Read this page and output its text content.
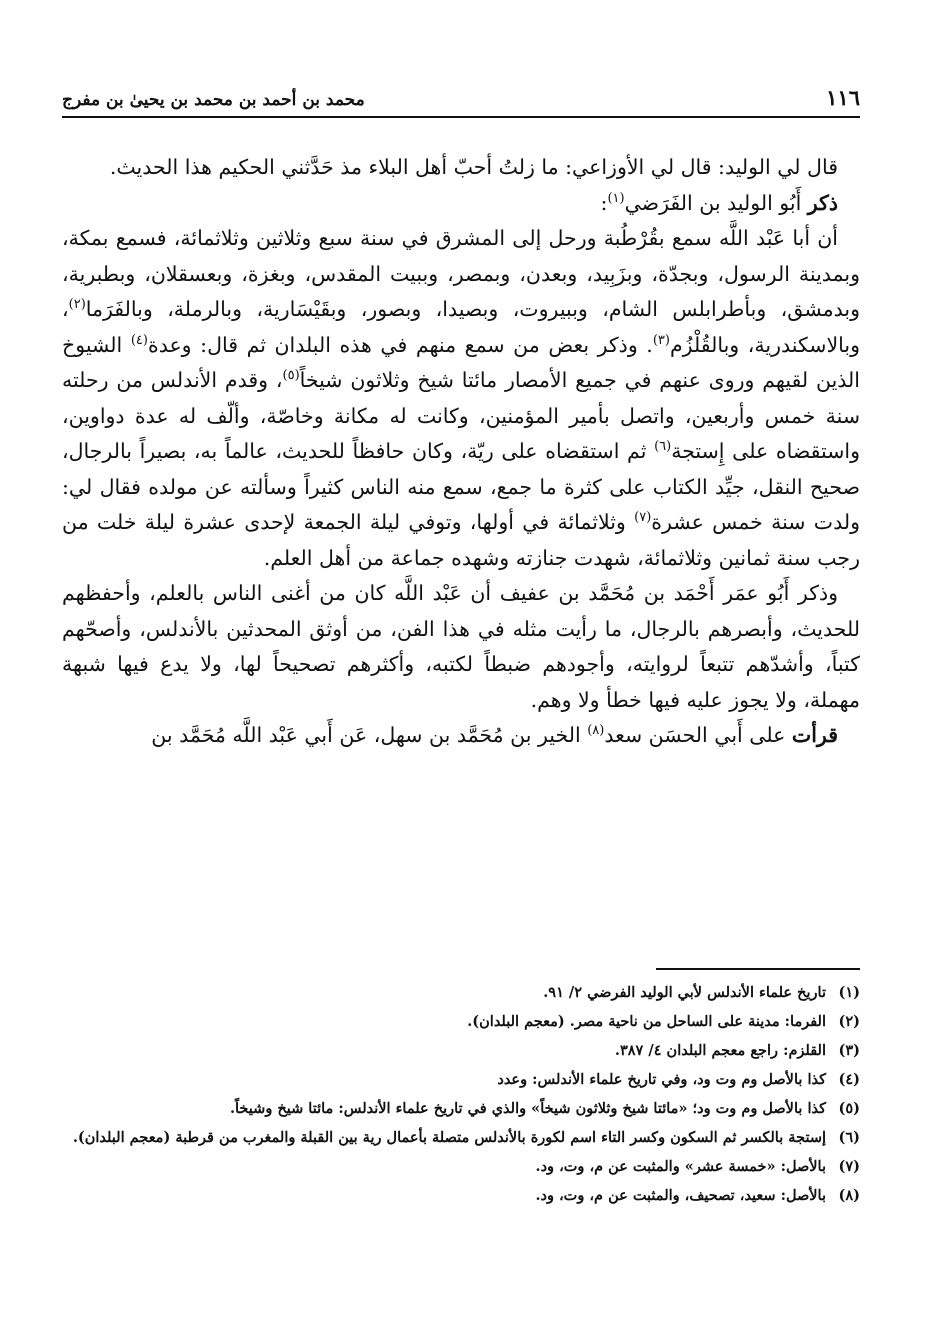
١١٦
محمد بن أحمد بن محمد بن يحيىٰ بن مفرج

قال لي الوليد: قال لي الأوزاعي: ما زلتُ أحبّ أهل البلاء مذ حَدَّثني الحكيم هذا الحديث.

ذكر أَبُو الوليد بن الفَرَضي$^{(١)}$:

أن أبا عَبْد اللَّه سمع بقُرْطُبة ورحل إلى المشرق في سنة سبع وثلاثين وثلاثمائة، فسمع بمكة، وبمدينة الرسول، وبجدّة، وبزَبِيد، وبعدن، وبمصر، وببيت المقدس، وبغزة، وبعسقلان، وبطبرية، وبدمشق، وبأطرابلس الشام، وببيروت، وبصيدا، وبصور، وبقَيْسَارية، وبالرملة، وبالفَرَما$^{(٢)}$، وبالاسكندرية، وبالقُلْزُم$^{(٣)}$. وذكر بعض من سمع منهم في هذه البلدان ثم قال: وعدة$^{(٤)}$ الشيوخ الذين لقيهم وروى عنهم في جميع الأمصار مائتا شيخ وثلاثون شيخاً$^{(٥)}$، وقدم الأندلس من رحلته سنة خمس وأربعين، واتصل بأمير المؤمنين، وكانت له مكانة وخاصّة، وألّف له عدة دواوين، واستقضاه على إِستجة$^{(٦)}$ ثم استقضاه على ريّة، وكان حافظاً للحديث، عالماً به، بصيراً بالرجال، صحيح النقل، جيِّد الكتاب على كثرة ما جمع، سمع منه الناس كثيراً وسألته عن مولده فقال لي: ولدت سنة خمس عشرة$^{(٧)}$ وثلاثمائة في أولها، وتوفي ليلة الجمعة لإحدى عشرة ليلة خلت من رجب سنة ثمانين وثلاثمائة، شهدت جنازته وشهده جماعة من أهل العلم.

وذكر أَبُو عمَر أَحْمَد بن مُحَمَّد بن عفيف أن عَبْد اللَّه كان من أغنى الناس بالعلم، وأحفظهم للحديث، وأبصرهم بالرجال، ما رأيت مثله في هذا الفن، من أوثق المحدثين بالأندلس، وأصحّهم كتباً، وأشدّهم تتبعاً لروايته، وأجودهم ضبطاً لكتبه، وأكثرهم تصحيحاً لها، ولا يدع فيها شبهة مهملة، ولا يجوز عليه فيها خطأ ولا وهم.

قرأت على أَبي الحسَن سعد$^{(٨)}$ الخير بن مُحَمَّد بن سهل، عَن أَبي عَبْد اللَّه مُحَمَّد بن

(١)
تاريخ علماء الأندلس لأبي الوليد الفرضي ٢/ ٩١.
(٢)
الفرما: مدينة على الساحل من ناحية مصر. (معجم البلدان).
(٣)
القلزم: راجع معجم البلدان ٤/ ٣٨٧.
(٤)
كذا بالأصل وم وت ود، وفي تاريخ علماء الأندلس: وعدد
(٥)
كذا بالأصل وم وت ود؛ «مائتا شيخ وثلاثون شيخاً» والذي في تاريخ علماء الأندلس: مائتا شيخ وشيخاً.
(٦)
إستجة بالكسر ثم السكون وكسر التاء اسم لكورة بالأندلس متصلة بأعمال رية بين القبلة والمغرب من قرطبة (معجم البلدان).
(٧)
بالأصل: «خمسة عشر» والمثبت عن م، وت، ود.
(٨)
بالأصل: سعيد، تصحيف، والمثبت عن م، وت، ود.
